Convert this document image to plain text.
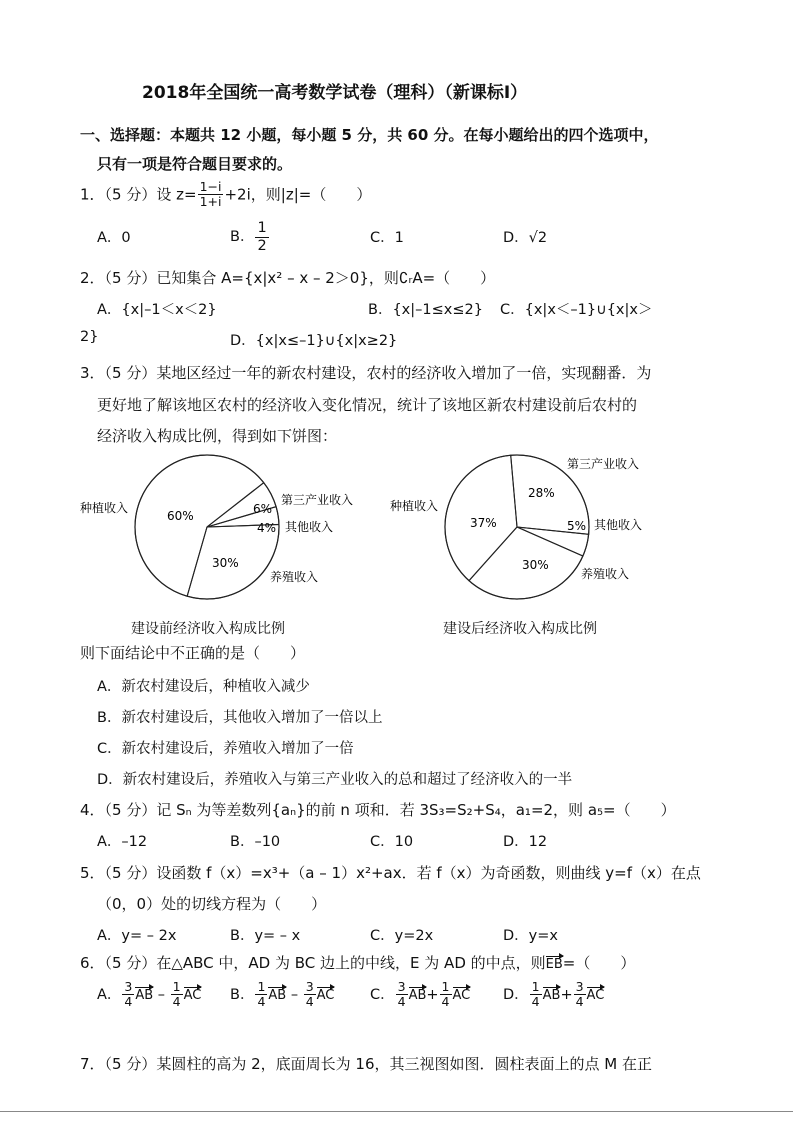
2018年全国统一高考数学试卷（理科）（新课标Ⅰ）
一、选择题：本题共 12 小题，每小题 5 分，共 60 分。在每小题给出的四个选项中，
只有一项是符合题目要求的。
1．（5 分）设 $z= \frac{1-i}{1+i} +2i$，则|z|=（　　）
A．0	B． $\frac{1}{2}$	C．1	D．√2
2．（5 分）已知集合 A={x|x² – x – 2＞0}，则∁ᵣA=（　　）
A．{x|–1＜x＜2}	B．{x|–1≤x≤2} C．{x|x＜–1}∪{x|x＞
2}	D．{x|x≤–1}∪{x|x≥2}
3．（5 分）某地区经过一年的新农村建设，农村的经济收入增加了一倍，实现翻番．为
更好地了解该地区农村的经济收入变化情况，统计了该地区新农村建设前后农村的
经济收入构成比例，得到如下饼图：
种植收入
第三产业收入
其他收入
养殖收入
60%	6%
4%
30%
种植收入
第三产业收入
其他收入
养殖收入
37%
28%
5%
30%
建设前经济收入构成比例	建设后经济收入构成比例
则下面结论中不正确的是（　　）
A．新农村建设后，种植收入减少
B．新农村建设后，其他收入增加了一倍以上
C．新农村建设后，养殖收入增加了一倍
D．新农村建设后，养殖收入与第三产业收入的总和超过了经济收入的一半
4．（5 分）记 Sₙ 为等差数列{aₙ}的前 n 项和．若 3S₃=S₂+S₄，a₁=2，则 a₅=（　　）
A．–12	B．–10	C．10	D．12
5．（5 分）设函数 f（x）=x³+（a – 1）x²+ax．若 f（x）为奇函数，则曲线 y=f（x）在点
（0，0）处的切线方程为（　　）
A．y= – 2x	B．y= – x	C．y=2x	D．y=x
6．（5 分）在△ABC 中，AD 为 BC 边上的中线，E 为 AD 的中点，则EB=（　　）
A． $\frac{3}{4}$ AB – $\frac{1}{4}$ AC B． $\frac{1}{4}$ AB – $\frac{3}{4}$ AC C． $\frac{3}{4} AB+ \frac{1}{4}$ AC D． $\frac{1}{4} AB+ \frac{3}{4}$ AC
7．（5 分）某圆柱的高为 2，底面周长为 16，其三视图如图．圆柱表面上的点 M 在正
